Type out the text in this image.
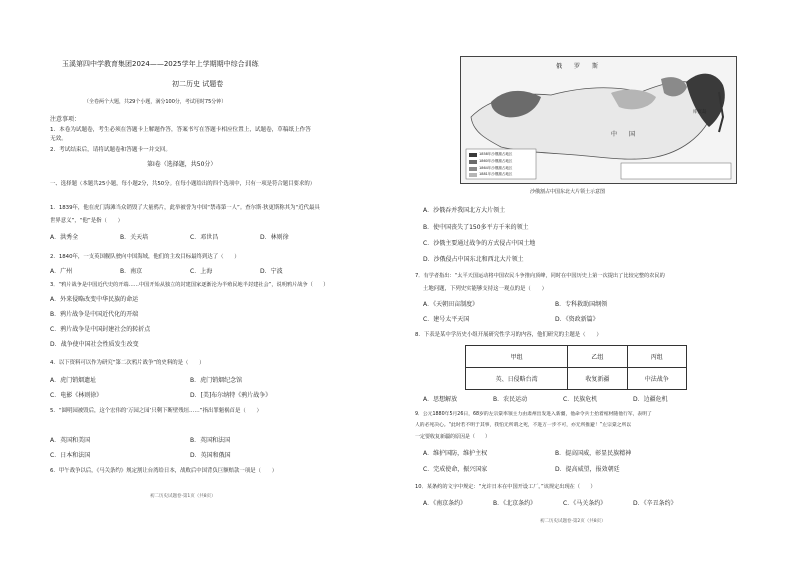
玉溪第四中学教育集团2024——2025学年上学期期中综合训练
初二历史 试题卷
（全卷两个大题，共29个小题，满分100分，考试用时75分钟）
注意事项：
1．本卷为试题卷，考生必须在答题卡上解题作答，答案书写在答题卡相应位置上，试题卷，草稿纸上作答
无效。
2．考试结束后，请将试题卷和答题卡一并交回。
第Ⅰ卷（选择题，共50分）
一、选择题（本题共25小题，每小题2分，共50分。在每小题给出的四个选项中，只有一项是符合题目要求的）
1．1839年，他在虎门海滩当众销毁了大量鸦片，此举被誉为中国“禁毒第一人”。查尔斯·狄更斯称其为“近代最具
世界意义”，“他”是指（　　）
A．洪秀全	B．关天培	C．邓世昌	D．林则徐
2．1840年，一支英国舰队驶向中国海域，他们的主攻目标最终到达了（　　）
A．广州	B．南京	C．上海	D．宁波
3．“鸦片战争是中国近代史的开端……中国开始从独立的封建国家逐渐沦为半殖民地半封建社会”，说明鸦片战争（　　）
A．外来侵略改变中华民族的命运
B．鸦片战争是中国近代化的开端
C．鸦片战争是中国封建社会的转折点
D．战争使中国社会性质发生改变
4．以下资料可以作为研究“第二次鸦片战争”的史料的是（　　）
A．虎门销烟遗址	B．虎门销烟纪念馆
C．电影《林则徐》	D．[美]布尔纳特《鸦片战争》
5．“圆明园被毁后，这个宏伟的‘万园之园’只剩下断壁残垣……”指出罪魁祸首是（　　）
A．英国和美国	B．英国和法国
C．日本和法国	D．英国和俄国
6．甲午战争以后，《马关条约》规定割让台湾给日本，战败后中国背负巨额赔款一项是（　　）
初二历史试题卷·第1页（共8页）
俄　　罗　　斯
中　　国
库页岛
1858年沙俄割占地区
1860年沙俄割占地区
1864年沙俄割占地区
1881年沙俄割占地区
沙俄割占中国东北大片领土示意图
A．沙俄吞并我国北方大片领土
B．使中国丧失了150多平方千米的领土
C．沙俄主要通过战争的方式侵占中国土地
D．沙俄侵占中国东北和西北大片领土
7．有学者指出：“太平天国运动将中国农民斗争推向顶峰，同时在中国历史上第一次提出了比较完整的农民的
土地问题，下列史实能够支持这一观点的是（　　）
A．《天朝田亩制度》	B．专科救助国纲领
C．建号太平天国	D．《资政新篇》
8．下表是某中学历史小组开展研究性学习的内容，他们研究的主题是（　　）
甲组	乙组	丙组
英、日侵略台湾	收复新疆	中法战争
A．思想解放	B．农民运动	C．民族危机	D．边疆危机
9．公元1880年5月26日，68岁的左宗棠率领主力由肃州出发进入新疆，他命令兵士抬着棺材随他行军，表明了
人的必死决心。“此时若不明于其事，我怕无所谓之死，不进万一步不可，亦无所推避！”左宗棠之所以
一定要收复新疆的原因是（　　）
A．维护国防，维护主权	B．提高国威，彰显民族精神
C．完成使命，振兴国家	D．提高威望，报效朝廷
10．某条约的文字中规定：“允许日本在中国开设工厂。”该规定出现在（　　）
A．《南京条约》	B．《北京条约》	C．《马关条约》	D．《辛丑条约》
初二历史试题卷·第2页（共8页）
